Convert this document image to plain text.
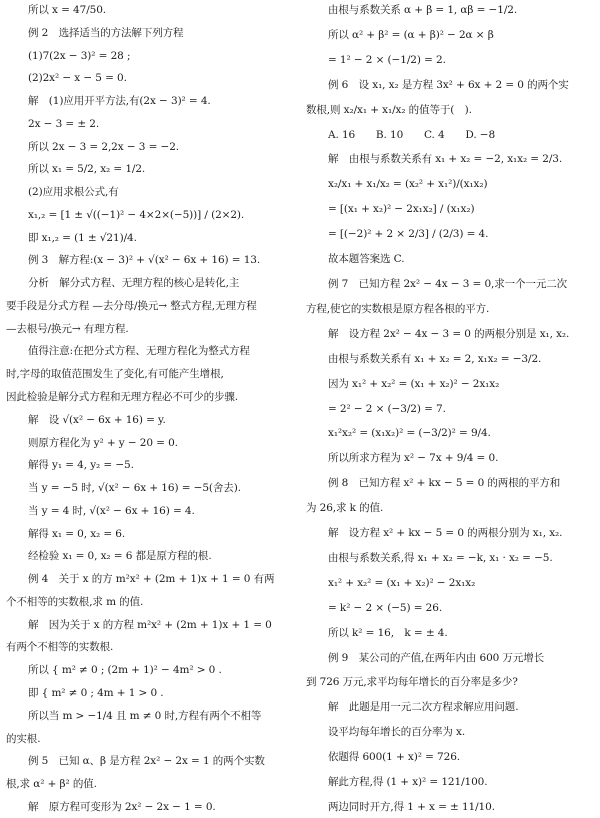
所以 x = 47/50.
例 2　选择适当的方法解下列方程
(1)7(2x − 3)² = 28 ;
(2)2x² − x − 5 = 0.
解　(1)应用开平方法,有(2x − 3)² = 4.
2x − 3 = ± 2.
所以 2x − 3 = 2,2x − 3 = −2.
所以 x₁ = 5/2, x₂ = 1/2.
(2)应用求根公式,有
x₁,₂ = [1 ± √((−1)² − 4×2×(−5))] / (2×2).
即 x₁,₂ = (1 ± √21)/4.
例 3　解方程:(x − 3)² + √(x² − 6x + 16) = 13.
分析　解分式方程、无理方程的核心是转化,主
要手段是分式方程 —去分母/换元→ 整式方程,无理方程
—去根号/换元→ 有理方程.
值得注意:在把分式方程、无理方程化为整式方程
时,字母的取值范围发生了变化,有可能产生增根,
因此检验是解分式方程和无理方程必不可少的步骤.
解　设 √(x² − 6x + 16) = y.
则原方程化为 y² + y − 20 = 0.
解得 y₁ = 4, y₂ = −5.
当 y = −5 时, √(x² − 6x + 16) = −5(舍去).
当 y = 4 时, √(x² − 6x + 16) = 4.
解得 x₁ = 0, x₂ = 6.
经检验 x₁ = 0, x₂ = 6 都是原方程的根.
例 4　关于 x 的方 m²x² + (2m + 1)x + 1 = 0 有两
个不相等的实数根,求 m 的值.
解　因为关于 x 的方程 m²x² + (2m + 1)x + 1 = 0
有两个不相等的实数根.
所以 { m² ≠ 0 ; (2m + 1)² − 4m² > 0 .
即 { m² ≠ 0 ; 4m + 1 > 0 .
所以当 m > −1/4 且 m ≠ 0 时,方程有两个不相等
的实根.
例 5　已知 α、β 是方程 2x² − 2x = 1 的两个实数
根,求 α² + β² 的值.
解　原方程可变形为 2x² − 2x − 1 = 0.
由根与系数关系 α + β = 1, αβ = −1/2.
所以 α² + β² = (α + β)² − 2α × β
= 1² − 2 × (−1/2) = 2.
例 6　设 x₁, x₂ 是方程 3x² + 6x + 2 = 0 的两个实
数根,则 x₂/x₁ + x₁/x₂ 的值等于(　).
A. 16　　B. 10　　C. 4　　D. −8
解　由根与系数关系有 x₁ + x₂ = −2, x₁x₂ = 2/3.
x₂/x₁ + x₁/x₂ = (x₂² + x₁²)/(x₁x₂)
= [(x₁ + x₂)² − 2x₁x₂] / (x₁x₂)
= [(−2)² + 2 × 2/3] / (2/3) = 4.
故本题答案选 C.
例 7　已知方程 2x² − 4x − 3 = 0,求一个一元二次
方程,使它的实数根是原方程各根的平方.
解　设方程 2x² − 4x − 3 = 0 的两根分别是 x₁, x₂.
由根与系数关系有 x₁ + x₂ = 2, x₁x₂ = −3/2.
因为 x₁² + x₂² = (x₁ + x₂)² − 2x₁x₂
= 2² − 2 × (−3/2) = 7.
x₁²x₂² = (x₁x₂)² = (−3/2)² = 9/4.
所以所求方程为 x² − 7x + 9/4 = 0.
例 8　已知方程 x² + kx − 5 = 0 的两根的平方和
为 26,求 k 的值.
解　设方程 x² + kx − 5 = 0 的两根分别为 x₁, x₂.
由根与系数关系,得 x₁ + x₂ = −k, x₁ · x₂ = −5.
x₁² + x₂² = (x₁ + x₂)² − 2x₁x₂
= k² − 2 × (−5) = 26.
所以 k² = 16,　k = ± 4.
例 9　某公司的产值,在两年内由 600 万元增长
到 726 万元,求平均每年增长的百分率是多少?
解　此题是用一元二次方程求解应用问题.
设平均每年增长的百分率为 x.
依题得 600(1 + x)² = 726.
解此方程,得 (1 + x)² = 121/100.
两边同时开方,得 1 + x = ± 11/10.
